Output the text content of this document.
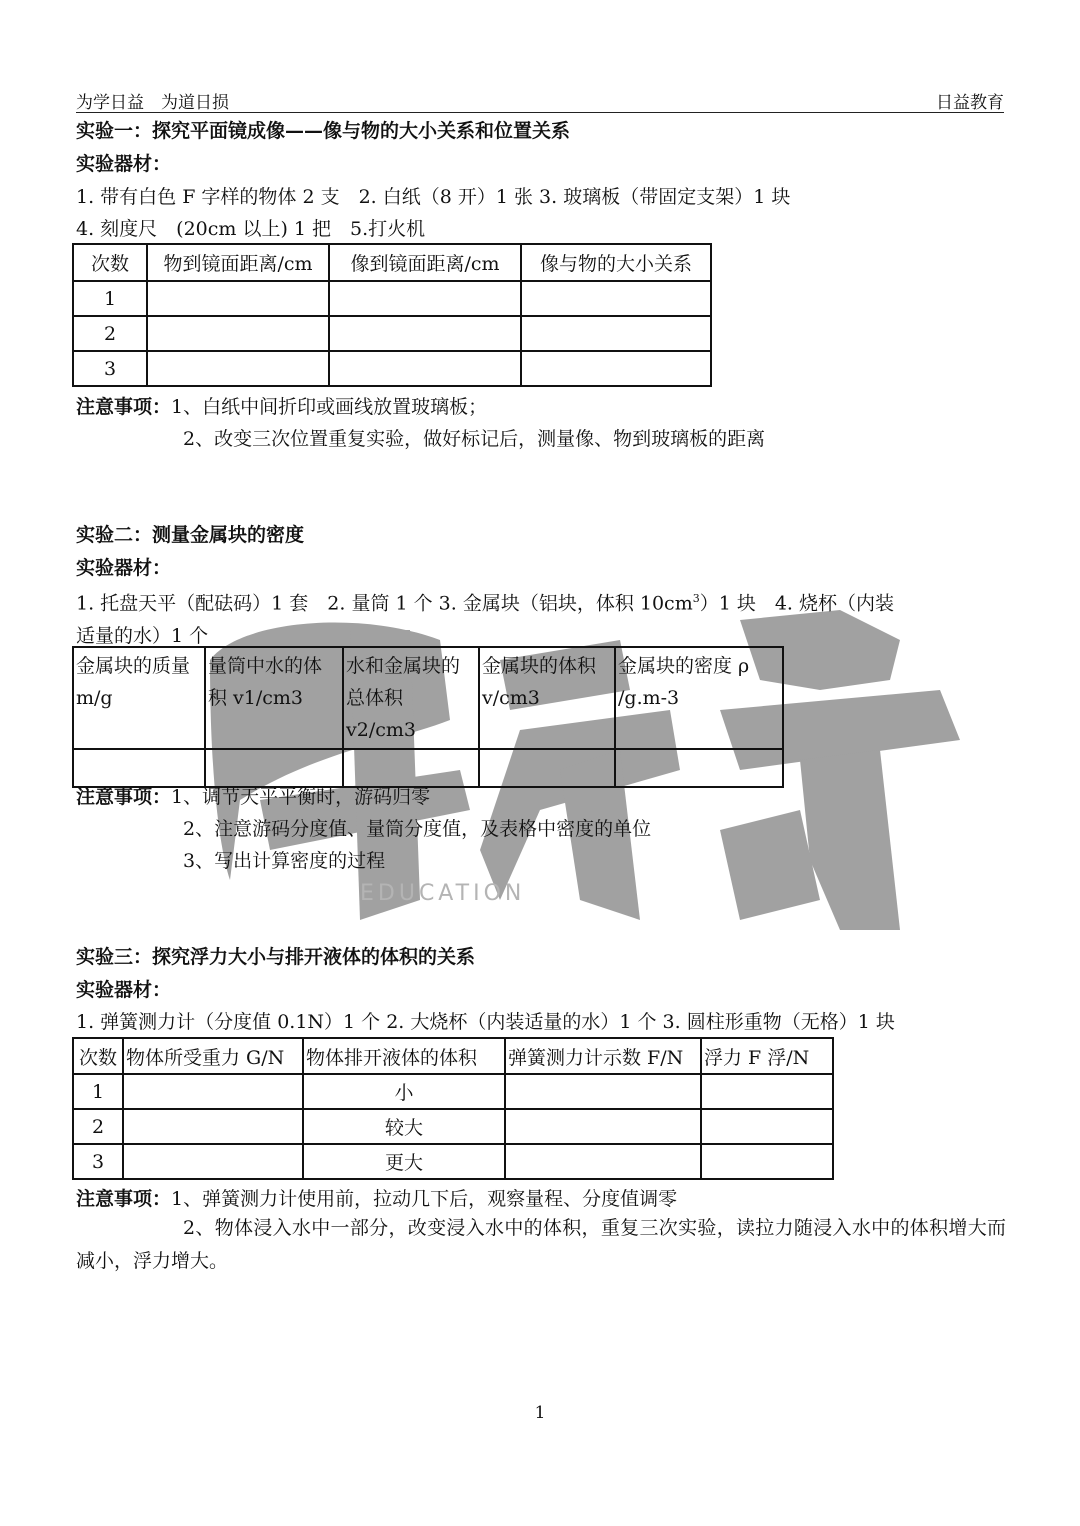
EDUCATION
为学日益　为道日损	日益教育
实验一：探究平面镜成像——像与物的大小关系和位置关系
实验器材：
1. 带有白色 F 字样的物体 2 支　2. 白纸（8 开）1 张 3. 玻璃板（带固定支架）1 块
4. 刻度尺　(20cm 以上) 1 把　5.打火机
次数	物到镜面距离/cm	像到镜面距离/cm	像与物的大小关系
1			
2			
3			
注意事项：1、白纸中间折印或画线放置玻璃板；
2、改变三次位置重复实验，做好标记后，测量像、物到玻璃板的距离
实验二：测量金属块的密度
实验器材：
1. 托盘天平（配砝码）1 套　2. 量筒 1 个 3. 金属块（铝块，体积 $10cm^3)1$ 块　4. 烧杯（内装
适量的水）1 个
金属块的质量 m/g	量筒中水的体积 v1/cm3	水和金属块的总体积 v2/cm3	金属块的体积 v/cm3	金属块的密度 ρ /g.m-3

注意事项：1、调节天平平衡时，游码归零
2、注意游码分度值、量筒分度值，及表格中密度的单位
3、写出计算密度的过程
实验三：探究浮力大小与排开液体的体积的关系
实验器材：
1. 弹簧测力计（分度值 0.1N）1 个 2. 大烧杯（内装适量的水）1 个 3. 圆柱形重物（无格）1 块
次数	物体所受重力 G/N	物体排开液体的体积	弹簧测力计示数 F/N	浮力 F 浮/N
1		小		
2		较大		
3		更大		
注意事项：1、弹簧测力计使用前，拉动几下后，观察量程、分度值调零
2、物体浸入水中一部分，改变浸入水中的体积，重复三次实验，读拉力随浸入水中的体积增大而减小，浮力增大。
1
